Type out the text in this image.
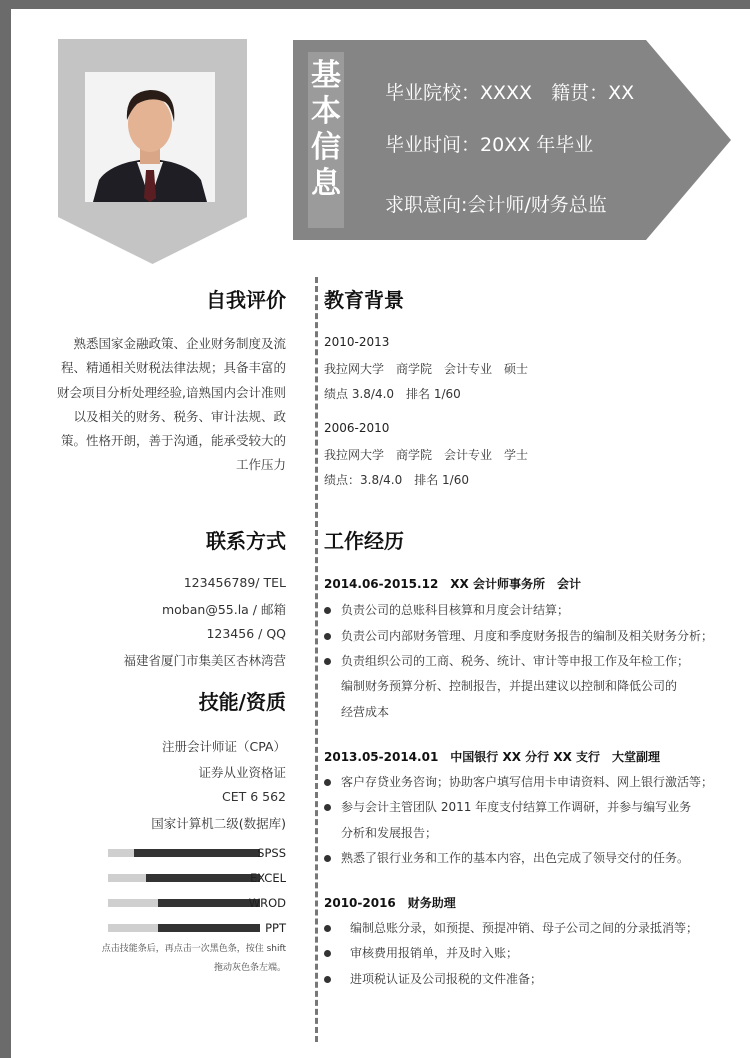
基本信息
毕业院校：XXXX　籍贯：XX
毕业时间：20XX 年毕业
求职意向:会计师/财务总监
自我评价
熟悉国家金融政策、企业财务制度及流程、精通相关财税法律法规；具备丰富的财会项目分析处理经验,谙熟国内会计准则以及相关的财务、税务、审计法规、政策。性格开朗，善于沟通，能承受较大的工作压力
联系方式
123456789/ TEL
moban@55.la / 邮箱
123456 / QQ
福建省厦门市集美区杏林湾营
技能/资质
注册会计师证（CPA）
证券从业资格证
CET 6 562
国家计算机二级(数据库)
SPSS
EXCEL
WROD
PPT
点击技能条后，再点击一次黑色条，按住 shift
拖动灰色条左端。
教育背景
2010-2013
我拉网大学　商学院　会计专业　硕士
绩点 3.8/4.0　排名 1/60
2006-2010
我拉网大学　商学院　会计专业　学士
绩点：3.8/4.0　排名 1/60
工作经历
2014.06-2015.12　XX 会计师事务所　会计
负责公司的总账科目核算和月度会计结算；
负责公司内部财务管理、月度和季度财务报告的编制及相关财务分析；
负责组织公司的工商、税务、统计、审计等申报工作及年检工作；
编制财务预算分析、控制报告，并提出建议以控制和降低公司的
经营成本
2013.05-2014.01　中国银行 XX 分行 XX 支行　大堂副理
客户存贷业务咨询；协助客户填写信用卡申请资料、网上银行激活等；
参与会计主管团队 2011 年度支付结算工作调研，并参与编写业务
分析和发展报告；
熟悉了银行业务和工作的基本内容，出色完成了领导交付的任务。
2010-2016　财务助理
编制总账分录，如预提、预提冲销、母子公司之间的分录抵消等；
审核费用报销单，并及时入账；
进项税认证及公司报税的文件准备；
